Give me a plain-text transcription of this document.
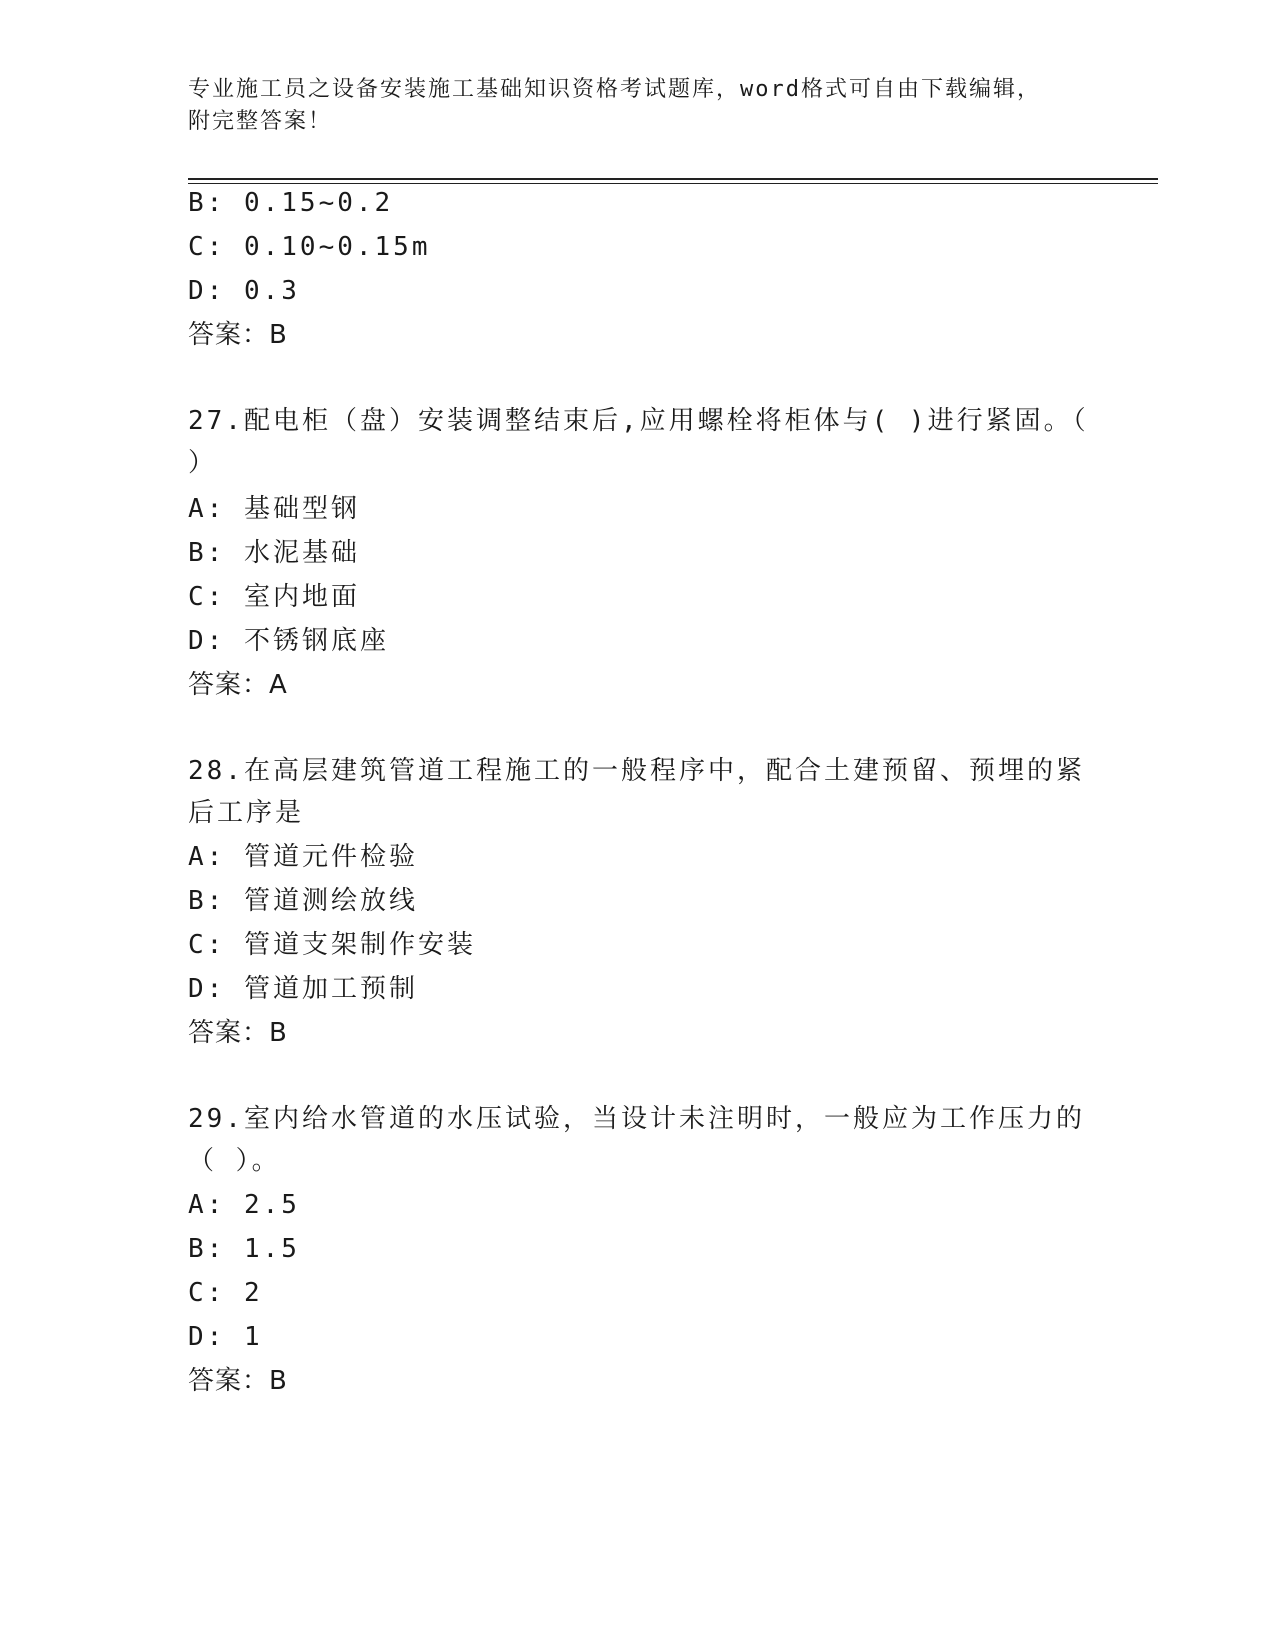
专业施工员之设备安装施工基础知识资格考试题库，word格式可自由下载编辑，
附完整答案！
B: 0.15~0.2
C: 0.10~0.15m
D: 0.3
答案：B
27.配电柜（盘）安装调整结束后,应用螺栓将柜体与( )进行紧固。（
）
A: 基础型钢
B: 水泥基础
C: 室内地面
D: 不锈钢底座
答案：A
28.在高层建筑管道工程施工的一般程序中，配合土建预留、预埋的紧
后工序是
A: 管道元件检验
B: 管道测绘放线
C: 管道支架制作安装
D: 管道加工预制
答案：B
29.室内给水管道的水压试验，当设计未注明时，一般应为工作压力的
（ ）。
A: 2.5
B: 1.5
C: 2
D: 1
答案：B
